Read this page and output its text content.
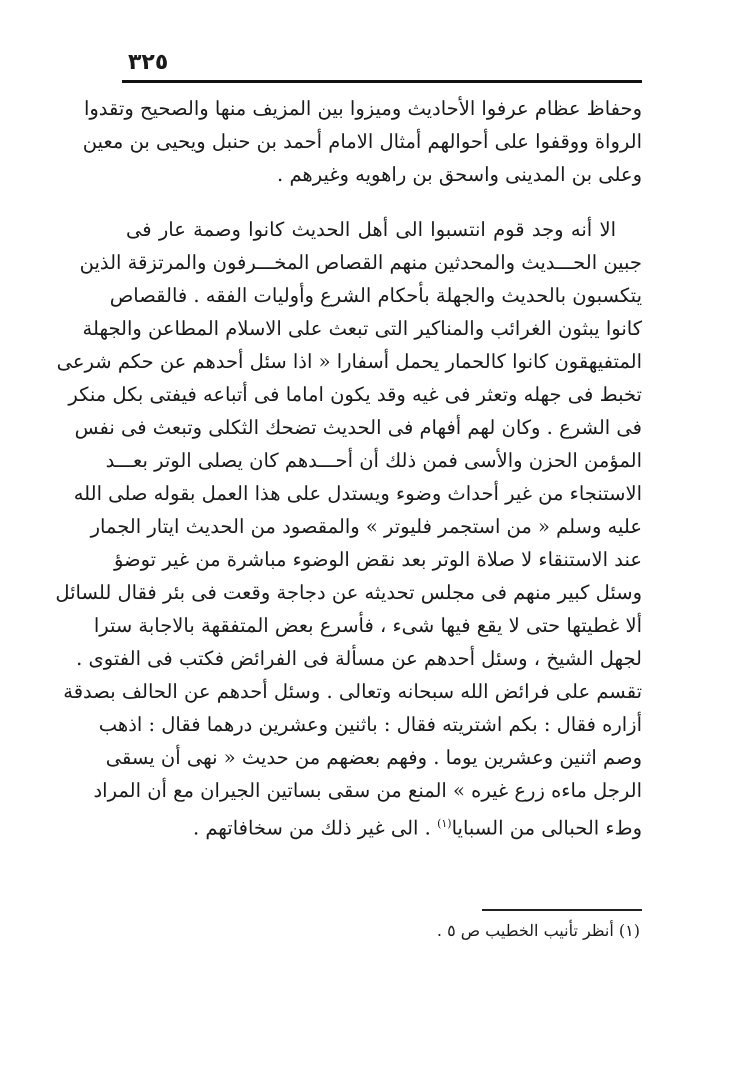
٣٢٥
وحفاظ عظام عرفوا الأحاديث وميزوا بين المزيف منها والصحيح وتقدوا
الرواة ووقفوا على أحوالهم أمثال الامام أحمد بن حنبل ويحيى بن معين
وعلى بن المدينى واسحق بن راهويه وغيرهم .
الا أنه وجد قوم انتسبوا الى أهل الحديث كانوا وصمة عار فى
جبين الحـــديث والمحدثين منهم القصاص المخـــرفون والمرتزقة الذين
يتكسبون بالحديث والجهلة بأحكام الشرع وأوليات الفقه . فالقصاص
كانوا يبثون الغرائب والمناكير التى تبعث على الاسلام المطاعن والجهلة
المتفيهقون كانوا كالحمار يحمل أسفارا « اذا سئل أحدهم عن حكم شرعى
تخبط فى جهله وتعثر فى غيه وقد يكون اماما فى أتباعه فيفتى بكل منكر
فى الشرع . وكان لهم أفهام فى الحديث تضحك الثكلى وتبعث فى نفس
المؤمن الحزن والأسى فمن ذلك أن أحـــدهم كان يصلى الوتر بعـــد
الاستنجاء من غير أحداث وضوء ويستدل على هذا العمل بقوله صلى الله
عليه وسلم « من استجمر فليوتر » والمقصود من الحديث ايتار الجمار
عند الاستنقاء لا صلاة الوتر بعد نقض الوضوء مباشرة من غير توضؤ
وسئل كبير منهم فى مجلس تحديثه عن دجاجة وقعت فى بئر فقال للسائل
ألا غطيتها حتى لا يقع فيها شىء ، فأسرع بعض المتفقهة بالاجابة سترا
لجهل الشيخ ، وسئل أحدهم عن مسألة فى الفرائض فكتب فى الفتوى .
تقسم على فرائض الله سبحانه وتعالى . وسئل أحدهم عن الحالف بصدقة
أزاره فقال : بكم اشتريته فقال : باثنين وعشرين درهما فقال : اذهب
وصم اثنين وعشرين يوما . وفهم بعضهم من حديث « نهى أن يسقى
الرجل ماءه زرع غيره » المنع من سقى بساتين الجيران مع أن المراد
وطء الحبالى من السبايا$^{(١)}$ . الى غير ذلك من سخافاتهم .
(١) أنظر تأنيب الخطيب ص ٥ .
